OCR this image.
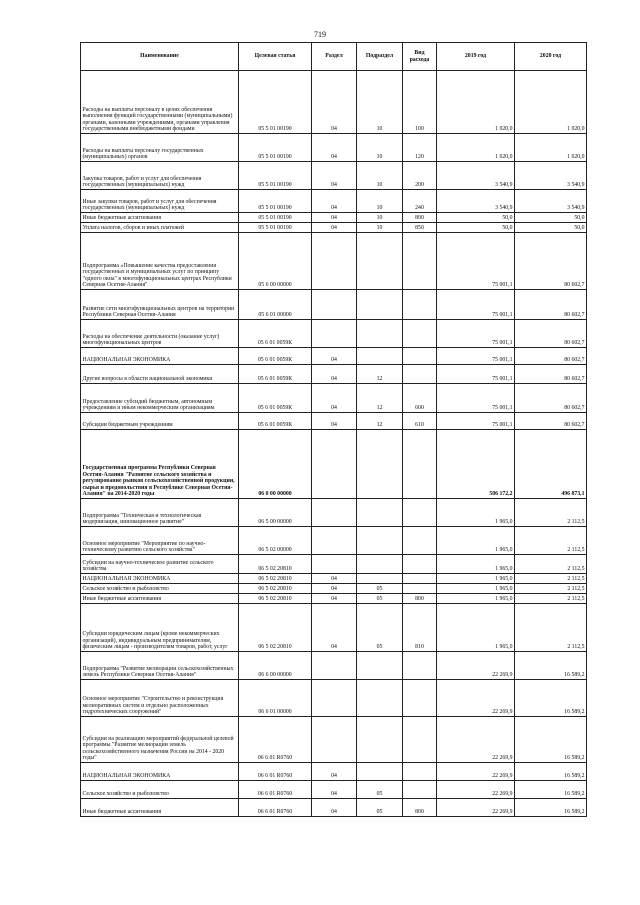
719
Наименование	Целевая статья	Раздел	Подраздел	Вид расхода	2019 год	2020 год
Расходы на выплаты персоналу в целях обеспечения выполнения функций государственными (муниципальными) органами, казенными учреждениями, органами управления государственными внебюджетными фондами	05 5 01 00190	04	10	100	1 020,0	1 020,0
Расходы на выплаты персоналу государственных (муниципальных) органов	05 5 01 00190	04	10	120	1 020,0	1 020,0
Закупка товаров, работ и услуг для обеспечения государственных (муниципальных) нужд	05 5 01 00190	04	10	200	3 540,9	3 540,9
Иные закупки товаров, работ и услуг для обеспечения государственных (муниципальных) нужд	05 5 01 00190	04	10	240	3 540,9	3 540,9
Иные бюджетные ассигнования	05 5 01 00190	04	10	800	50,0	50,0
Уплата налогов, сборов и иных платежей	05 5 01 00190	04	10	850	50,0	50,0
Подпрограмма «Повышение качества предоставления государственных и муниципальных услуг по принципу "одного окна" в многофункциональных центрах Республики Северная Осетия-Алания"	05 6 00 00000				75 001,1	80 602,7
Развитие сети многофункциональных центров на территории Республики Северная Осетия-Алания	05 6 01 00000				75 001,1	80 602,7
Расходы на обеспечение деятельности (оказание услуг) многофункциональных центров	05 6 01 0059К				75 001,1	80 602,7
НАЦИОНАЛЬНАЯ ЭКОНОМИКА	05 6 01 0059К	04			75 001,1	80 602,7
Другие вопросы в области национальной экономики	05 6 01 0059К	04	12		75 001,1	80 602,7
Предоставление субсидий бюджетным, автономным учреждениям и иным некоммерческим организациям	05 6 01 0059К	04	12	600	75 001,1	80 602,7
Субсидии бюджетным учреждениям	05 6 01 0059К	04	12	610	75 001,1	80 602,7
Государственная программа Республики Северная Осетия-Алания "Развитие сельского хозяйства и регулирование рынков сельскохозяйственной продукции, сырья и продовольствия в Республике Северная Осетия-Алания" на 2014-2020 годы	06 0 00 00000				506 172,2	496 873,1
Подпрограмма "Техническая и технологическая модернизация, инновационное развитие"	06 5 00 00000				1 965,0	2 112,5
Основное мероприятие "Мероприятие по научно-техническому развитию сельского хозяйства"	06 5 02 00000				1 965,0	2 112,5
Субсидии на научно-техническое развитие сельского хозяйства	06 5 02 20810				1 965,0	2 112,5
НАЦИОНАЛЬНАЯ ЭКОНОМИКА	06 5 02 20810	04			1 965,0	2 112,5
Сельское хозяйство и рыболовство	06 5 02 20810	04	05		1 965,0	2 112,5
Иные бюджетные ассигнования	06 5 02 20810	04	05	800	1 965,0	2 112,5
Субсидии юридическим лицам (кроме некоммерческих организаций), индивидуальным предпринимателям, физическим лицам - производителям товаров, работ, услуг	06 5 02 20810	04	05	810	1 965,0	2 112,5
Подпрограмма "Развитие мелиорации сельскохозяйственных земель Республики Северная Осетия-Алания"	06 6 00 00000				22 269,9	16 589,2
Основное мероприятие "Строительство и реконструкция мелиоративных систем и отдельно расположенных гидротехнических сооружений"	06 6 01 00000				22 269,9	16 589,2
Субсидии на реализацию мероприятий федеральной целевой программы "Развитие мелиорации земель сельскохозяйственного назначения России на 2014 - 2020 годы"	06 6 01 R0760				22 269,9	16 589,2
НАЦИОНАЛЬНАЯ ЭКОНОМИКА	06 6 01 R0760	04			22 269,9	16 589,2
Сельское хозяйство и рыболовство	06 6 01 R0760	04	05		22 269,9	16 589,2
Иные бюджетные ассигнования	06 6 01 R0760	04	05	800	22 269,9	16 589,2
